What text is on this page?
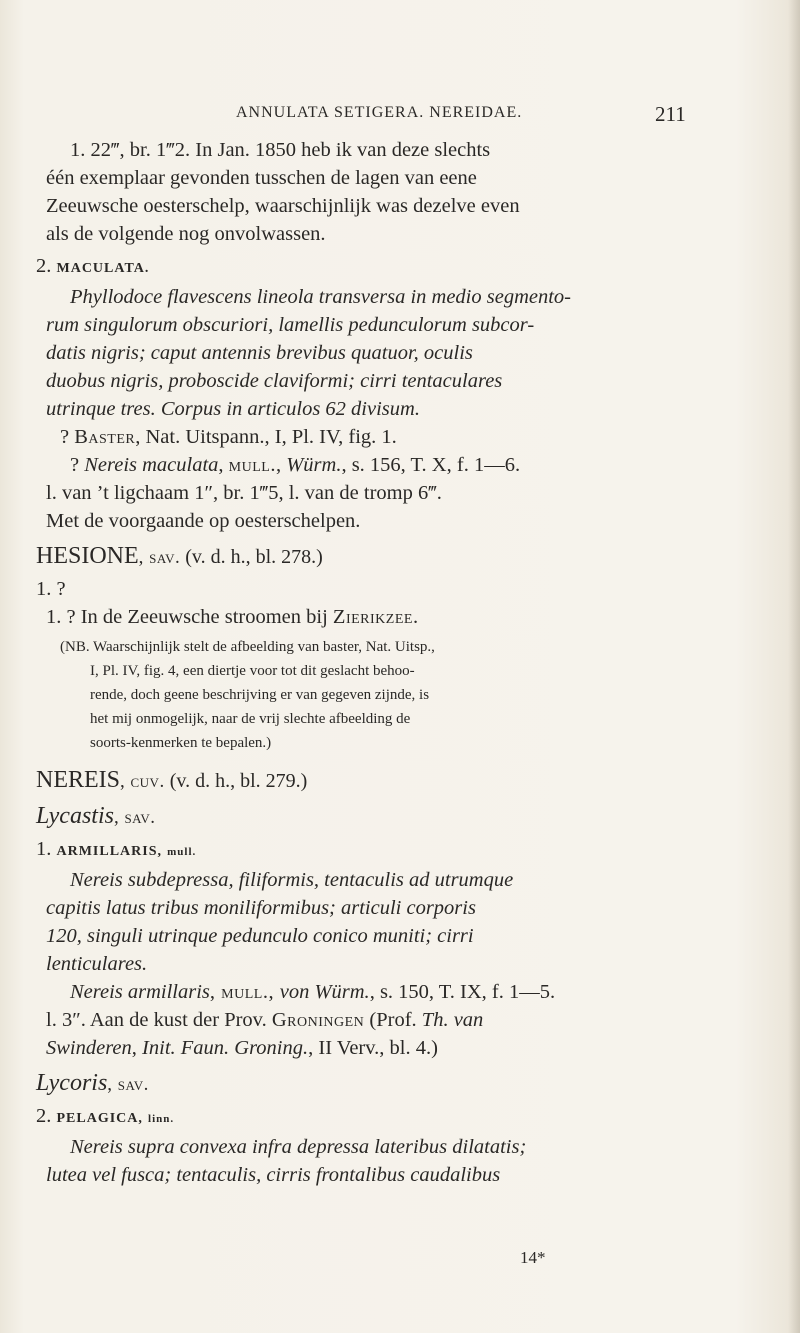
ANNULATA SETIGERA. NEREIDAE.	211
1. 22‴, br. 1‴2. In Jan. 1850 heb ik van deze slechts
één exemplaar gevonden tusschen de lagen van eene
Zeeuwsche oesterschelp, waarschijnlijk was dezelve even
als de volgende nog onvolwassen.
2. MACULATA.
Phyllodoce flavescens lineola transversa in medio segmento-
rum singulorum obscuriori, lamellis pedunculorum subcor-
datis nigris; caput antennis brevibus quatuor, oculis
duobus nigris, proboscide claviformi; cirri tentaculares
utrinque tres. Corpus in articulos 62 divisum.
? Baster, Nat. Uitspann., I, Pl. IV, fig. 1.
? Nereis maculata, mull., Würm., s. 156, T. X, f. 1—6.
l. van ’t ligchaam 1″, br. 1‴5, l. van de tromp 6‴.
Met de voorgaande op oesterschelpen.
HESIONE, sav. (v. d. h., bl. 278.)
1. ?
1. ? In de Zeeuwsche stroomen bij Zierikzee.
(NB. Waarschijnlijk stelt de afbeelding van baster, Nat. Uitsp.,
I, Pl. IV, fig. 4, een diertje voor tot dit geslacht behoo-
rende, doch geene beschrijving er van gegeven zijnde, is
het mij onmogelijk, naar de vrij slechte afbeelding de
soorts-kenmerken te bepalen.)
NEREIS, cuv. (v. d. h., bl. 279.)
Lycastis, sav.
1. ARMILLARIS, mull.
Nereis subdepressa, filiformis, tentaculis ad utrumque
capitis latus tribus moniliformibus; articuli corporis
120, singuli utrinque pedunculo conico muniti; cirri
lenticulares.
Nereis armillaris, mull., von Würm., s. 150, T. IX, f. 1—5.
l. 3″. Aan de kust der Prov. Groningen (Prof. Th. van
Swinderen, Init. Faun. Groning., II Verv., bl. 4.)
Lycoris, sav.
2. PELAGICA, linn.
Nereis supra convexa infra depressa lateribus dilatatis;
lutea vel fusca; tentaculis, cirris frontalibus caudalibus
14*
